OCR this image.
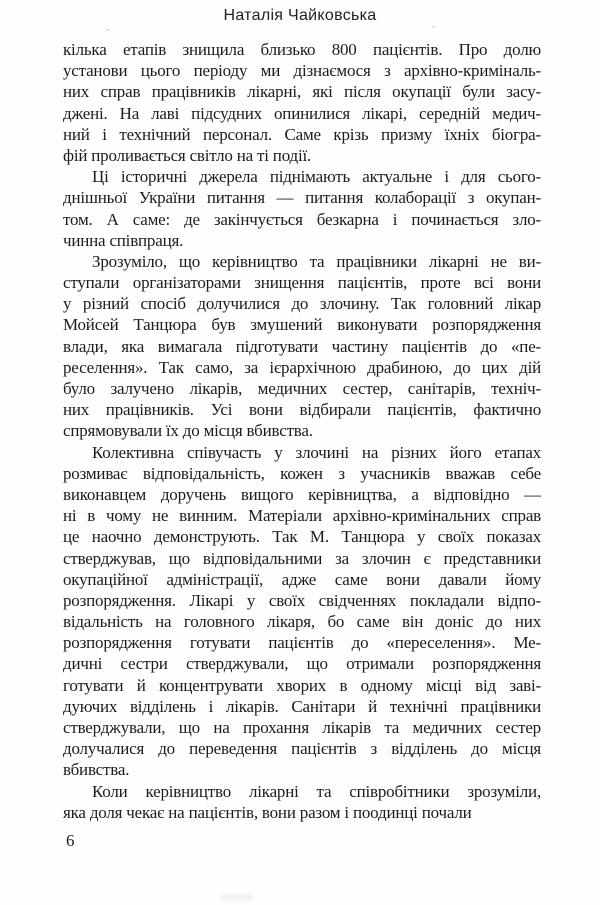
Наталія Чайковська
кілька етапів знищила близько 800 пацієнтів. Про долю
установи цього періоду ми дізнаємося з архівно-криміналь-
них справ працівників лікарні, які після окупації були засу-
джені. На лаві підсудних опинилися лікарі, середній медич-
ний і технічний персонал. Саме крізь призму їхніх біогра-
фій проливається світло на ті події.
Ці історичні джерела піднімають актуальне і для сього-
днішньої України питання — питання колаборації з окупан-
том. А саме: де закінчується безкарна і починається зло-
чинна співпраця.
Зрозуміло, що керівництво та працівники лікарні не ви-
ступали організаторами знищення пацієнтів, проте всі вони
у різний спосіб долучилися до злочину. Так головний лікар
Мойсей Танцюра був змушений виконувати розпорядження
влади, яка вимагала підготувати частину пацієнтів до «пе-
реселення». Так само, за ієрархічною драбиною, до цих дій
було залучено лікарів, медичних сестер, санітарів, техніч-
них працівників. Усі вони відбирали пацієнтів, фактично
спрямовували їх до місця вбивства.
Колективна співучасть у злочині на різних його етапах
розмиває відповідальність, кожен з учасників вважав себе
виконавцем доручень вищого керівництва, а відповідно —
ні в чому не винним. Матеріали архівно-кримінальних справ
це наочно демонструють. Так М. Танцюра у своїх показах
стверджував, що відповідальними за злочин є представники
окупаційної адміністрації, адже саме вони давали йому
розпорядження. Лікарі у своїх свідченнях покладали відпо-
відальність на головного лікаря, бо саме він доніс до них
розпорядження готувати пацієнтів до «переселення». Ме-
дичні сестри стверджували, що отримали розпорядження
готувати й концентрувати хворих в одному місці від заві-
дуючих відділень і лікарів. Санітари й технічні працівники
стверджували, що на прохання лікарів та медичних сестер
долучалися до переведення пацієнтів з відділень до місця
вбивства.
Коли керівництво лікарні та співробітники зрозуміли,
яка доля чекає на пацієнтів, вони разом і поодинці почали
6
